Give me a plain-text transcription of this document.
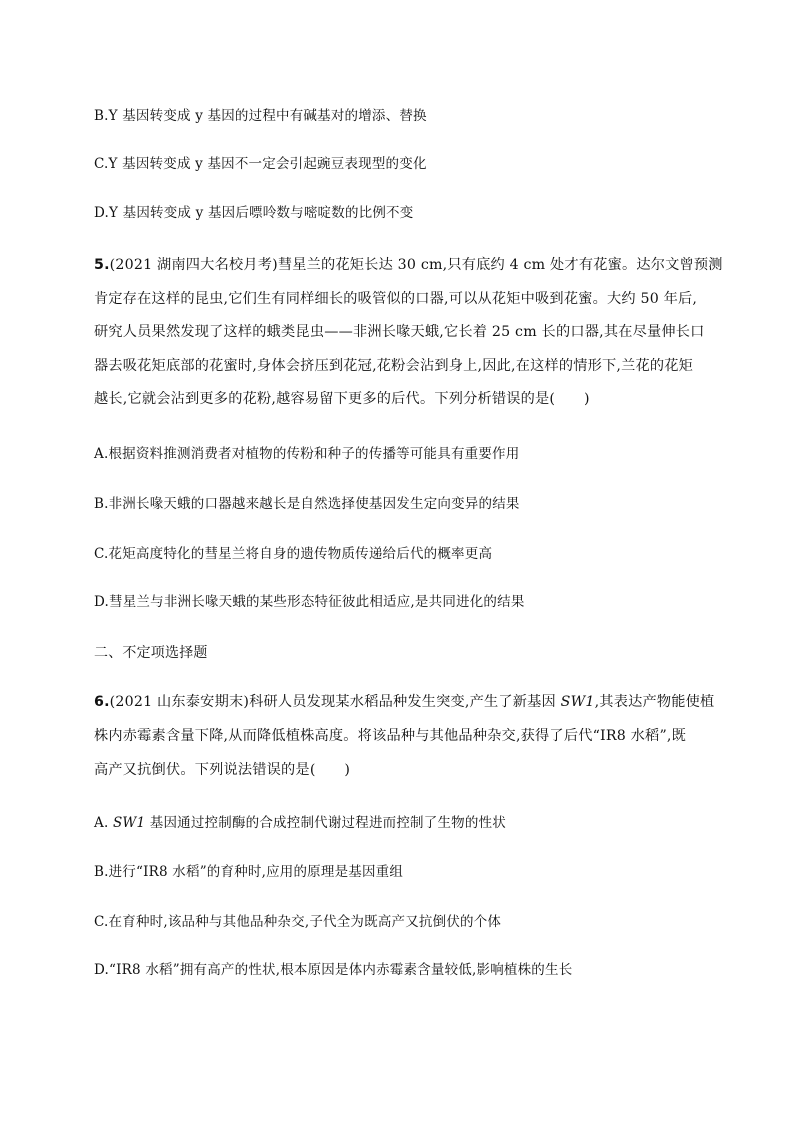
B.Y 基因转变成 y 基因的过程中有碱基对的增添、替换
C.Y 基因转变成 y 基因不一定会引起豌豆表现型的变化
D.Y 基因转变成 y 基因后嘌呤数与嘧啶数的比例不变
5.(2021 湖南四大名校月考)彗星兰的花矩长达 30 cm,只有底约 4 cm 处才有花蜜。达尔文曾预测
肯定存在这样的昆虫,它们生有同样细长的吸管似的口器,可以从花矩中吸到花蜜。大约 50 年后,
研究人员果然发现了这样的蛾类昆虫——非洲长喙天蛾,它长着 25 cm 长的口器,其在尽量伸长口
器去吸花矩底部的花蜜时,身体会挤压到花冠,花粉会沾到身上,因此,在这样的情形下,兰花的花矩
越长,它就会沾到更多的花粉,越容易留下更多的后代。下列分析错误的是(　　)
A.根据资料推测消费者对植物的传粉和种子的传播等可能具有重要作用
B.非洲长喙天蛾的口器越来越长是自然选择使基因发生定向变异的结果
C.花矩高度特化的彗星兰将自身的遗传物质传递给后代的概率更高
D.彗星兰与非洲长喙天蛾的某些形态特征彼此相适应,是共同进化的结果
二、不定项选择题
6.(2021 山东泰安期末)科研人员发现某水稻品种发生突变,产生了新基因 SW1,其表达产物能使植
株内赤霉素含量下降,从而降低植株高度。将该品种与其他品种杂交,获得了后代“IR8 水稻”,既
高产又抗倒伏。下列说法错误的是(　　)
A. SW1 基因通过控制酶的合成控制代谢过程进而控制了生物的性状
B.进行“IR8 水稻”的育种时,应用的原理是基因重组
C.在育种时,该品种与其他品种杂交,子代全为既高产又抗倒伏的个体
D.“IR8 水稻”拥有高产的性状,根本原因是体内赤霉素含量较低,影响植株的生长
